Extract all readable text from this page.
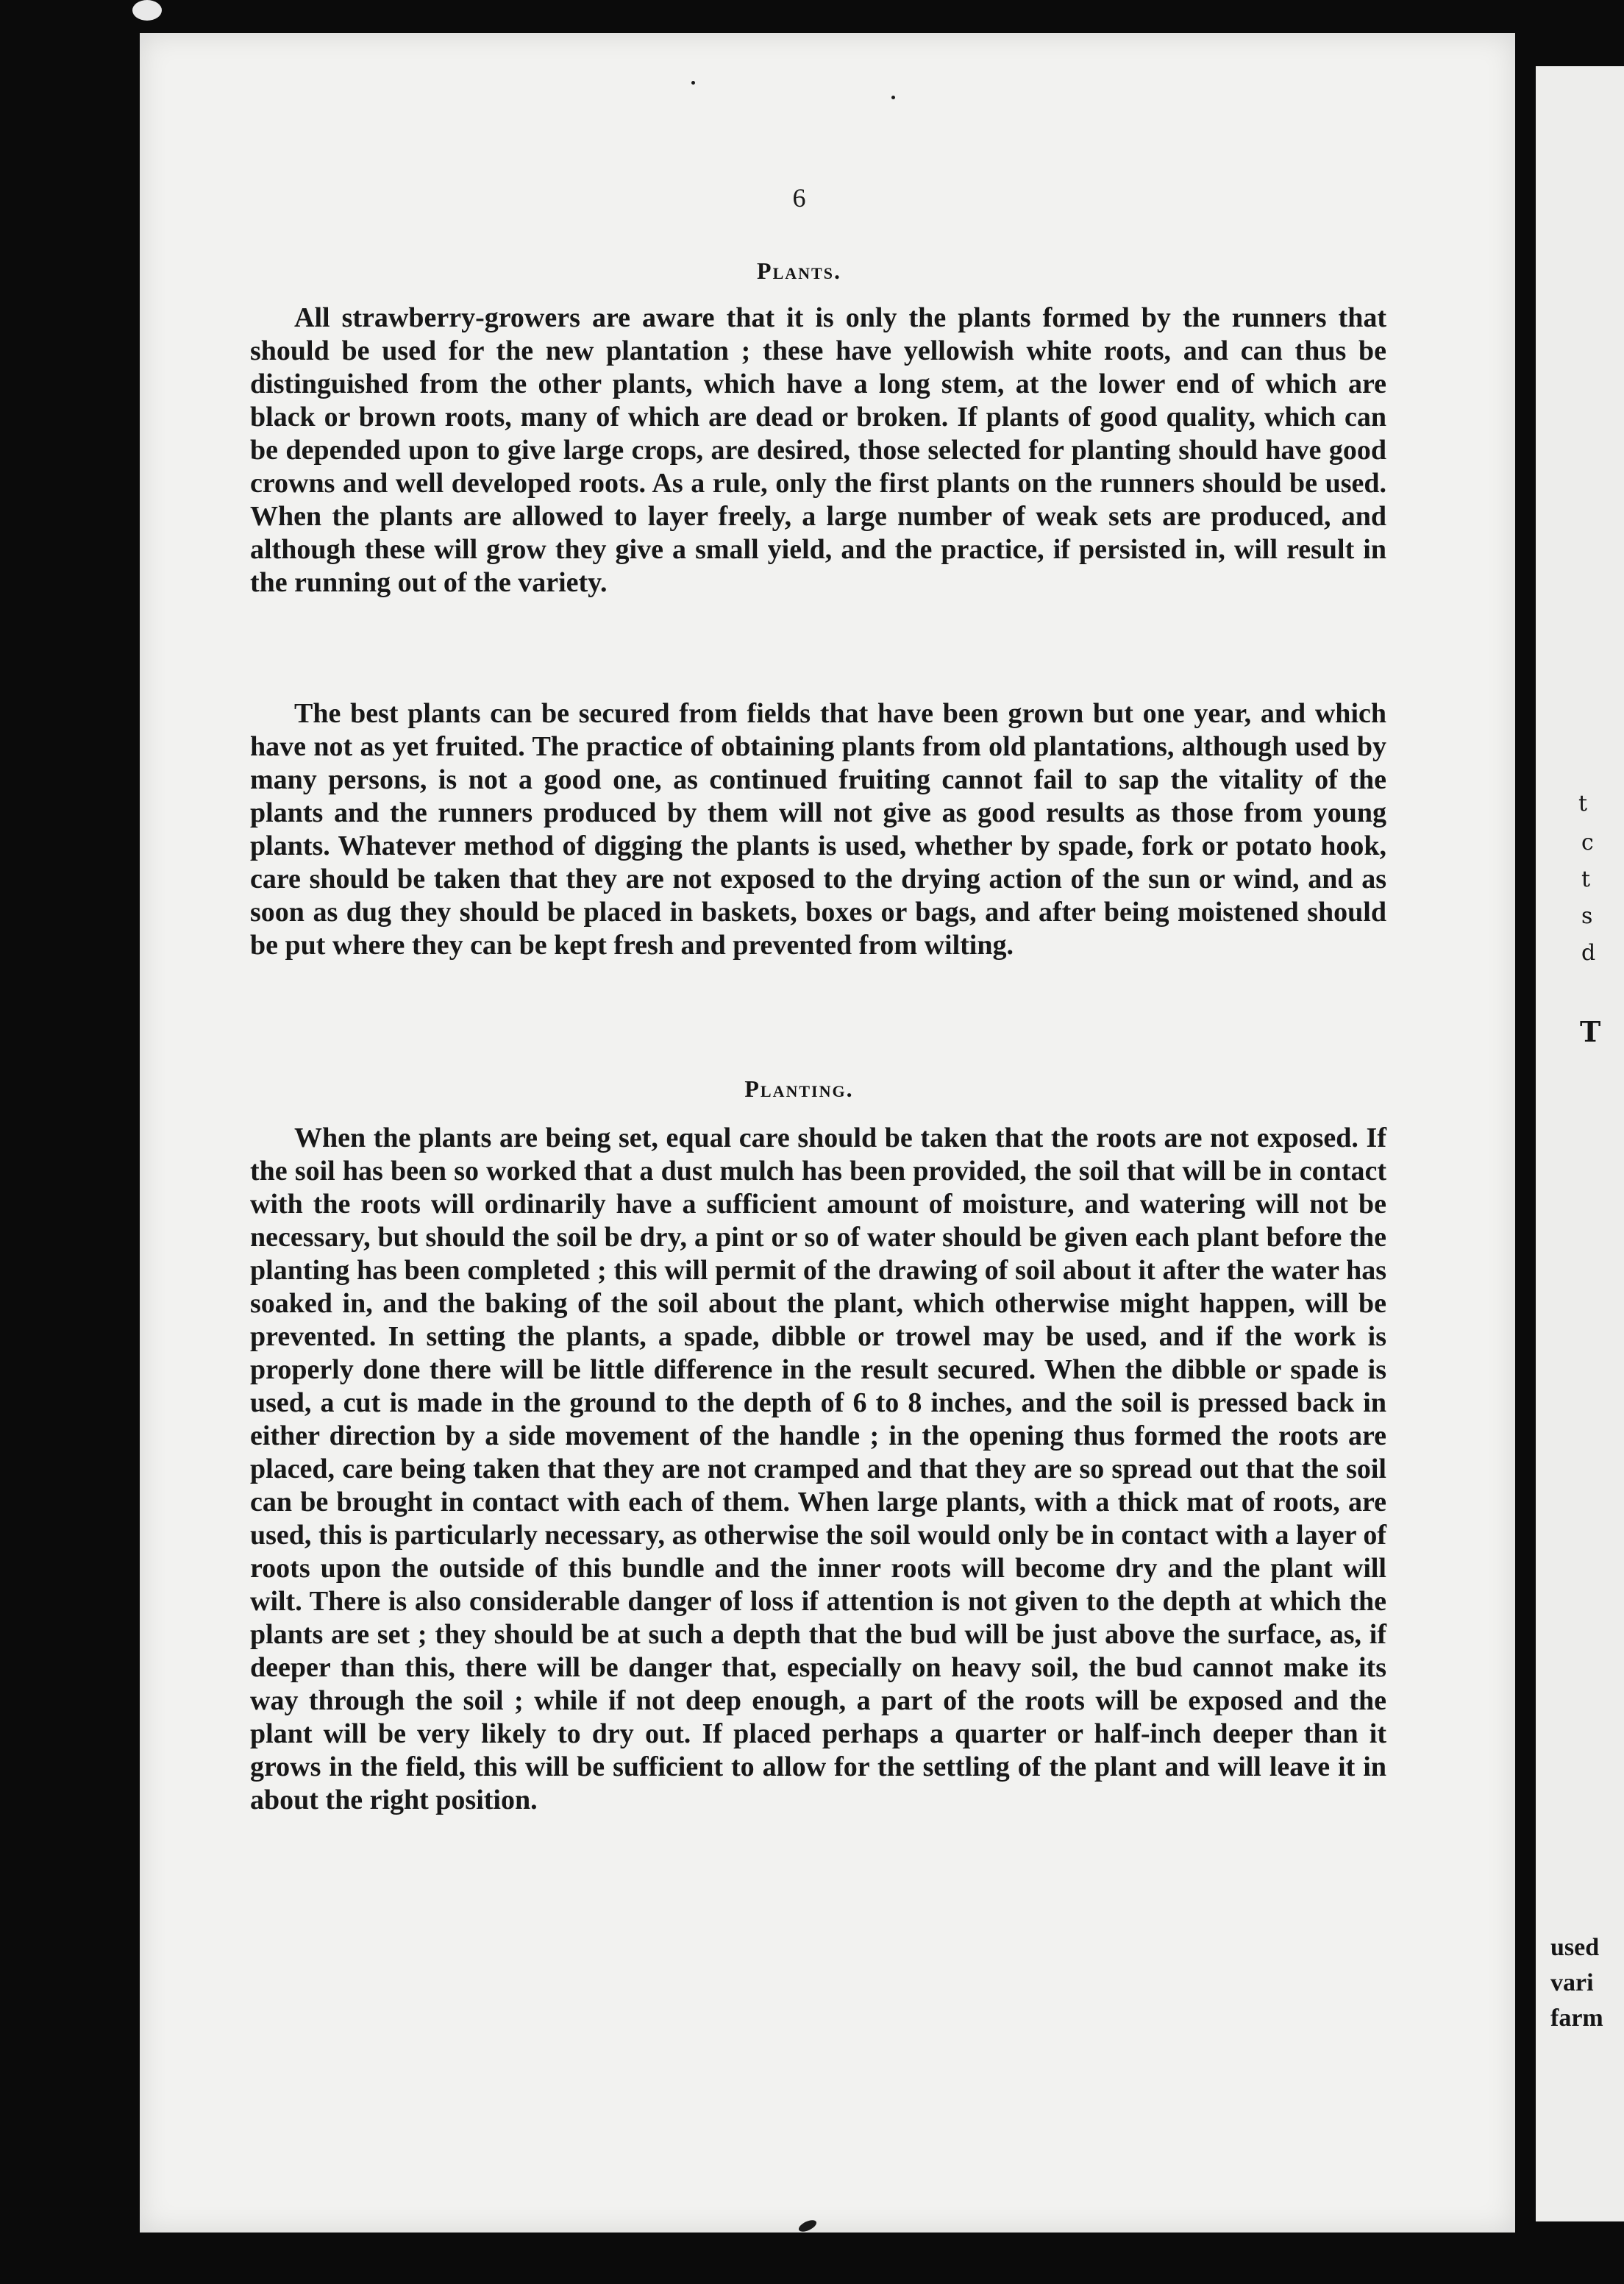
t
c
t
s
d
T
used
vari
farm
6
Plants.

All strawberry-growers are aware that it is only the plants formed by the runners that should be used for the new plantation ; these have yellowish white roots, and can thus be distinguished from the other plants, which have a long stem, at the lower end of which are black or brown roots, many of which are dead or broken. If plants of good quality, which can be depended upon to give large crops, are desired, those selected for planting should have good crowns and well developed roots. As a rule, only the first plants on the runners should be used. When the plants are allowed to layer freely, a large number of weak sets are produced, and although these will grow they give a small yield, and the practice, if persisted in, will result in the running out of the variety.

The best plants can be secured from fields that have been grown but one year, and which have not as yet fruited. The practice of obtaining plants from old plantations, although used by many persons, is not a good one, as continued fruiting cannot fail to sap the vitality of the plants and the runners produced by them will not give as good results as those from young plants. Whatever method of digging the plants is used, whether by spade, fork or potato hook, care should be taken that they are not exposed to the drying action of the sun or wind, and as soon as dug they should be placed in baskets, boxes or bags, and after being moistened should be put where they can be kept fresh and prevented from wilting.

Planting.

When the plants are being set, equal care should be taken that the roots are not exposed. If the soil has been so worked that a dust mulch has been provided, the soil that will be in contact with the roots will ordinarily have a sufficient amount of moisture, and watering will not be necessary, but should the soil be dry, a pint or so of water should be given each plant before the planting has been completed ; this will permit of the drawing of soil about it after the water has soaked in, and the baking of the soil about the plant, which otherwise might happen, will be prevented. In setting the plants, a spade, dibble or trowel may be used, and if the work is properly done there will be little difference in the result secured. When the dibble or spade is used, a cut is made in the ground to the depth of 6 to 8 inches, and the soil is pressed back in either direction by a side movement of the handle ; in the opening thus formed the roots are placed, care being taken that they are not cramped and that they are so spread out that the soil can be brought in contact with each of them. When large plants, with a thick mat of roots, are used, this is particularly necessary, as otherwise the soil would only be in contact with a layer of roots upon the outside of this bundle and the inner roots will become dry and the plant will wilt. There is also considerable danger of loss if attention is not given to the depth at which the plants are set ; they should be at such a depth that the bud will be just above the surface, as, if deeper than this, there will be danger that, especially on heavy soil, the bud cannot make its way through the soil ; while if not deep enough, a part of the roots will be exposed and the plant will be very likely to dry out. If placed perhaps a quarter or half-inch deeper than it grows in the field, this will be sufficient to allow for the settling of the plant and will leave it in about the right position.
